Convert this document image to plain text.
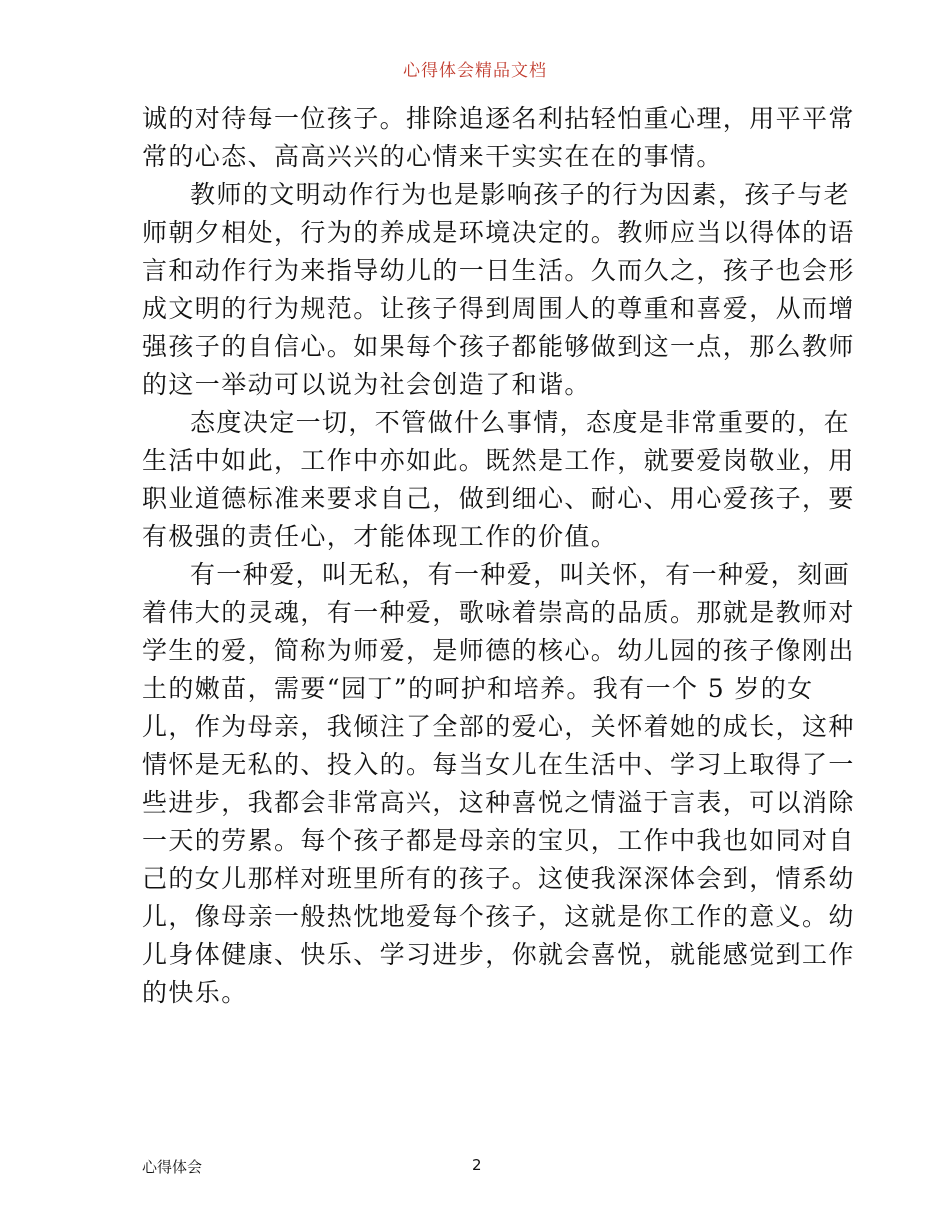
心得体会精品文档
诚的对待每一位孩子。排除追逐名利拈轻怕重心理，用平平常
常的心态、高高兴兴的心情来干实实在在的事情。
教师的文明动作行为也是影响孩子的行为因素，孩子与老
师朝夕相处，行为的养成是环境决定的。教师应当以得体的语
言和动作行为来指导幼儿的一日生活。久而久之，孩子也会形
成文明的行为规范。让孩子得到周围人的尊重和喜爱，从而增
强孩子的自信心。如果每个孩子都能够做到这一点，那么教师
的这一举动可以说为社会创造了和谐。
态度决定一切，不管做什么事情，态度是非常重要的，在
生活中如此，工作中亦如此。既然是工作，就要爱岗敬业，用
职业道德标准来要求自己，做到细心、耐心、用心爱孩子，要
有极强的责任心，才能体现工作的价值。
有一种爱，叫无私，有一种爱，叫关怀，有一种爱，刻画
着伟大的灵魂，有一种爱，歌咏着崇高的品质。那就是教师对
学生的爱，简称为师爱，是师德的核心。幼儿园的孩子像刚出
土的嫩苗，需要“园丁”的呵护和培养。我有一个 5 岁的女
儿，作为母亲，我倾注了全部的爱心，关怀着她的成长，这种
情怀是无私的、投入的。每当女儿在生活中、学习上取得了一
些进步，我都会非常高兴，这种喜悦之情溢于言表，可以消除
一天的劳累。每个孩子都是母亲的宝贝，工作中我也如同对自
己的女儿那样对班里所有的孩子。这使我深深体会到，情系幼
儿，像母亲一般热忱地爱每个孩子，这就是你工作的意义。幼
儿身体健康、快乐、学习进步，你就会喜悦，就能感觉到工作
的快乐。
心得体会	2
